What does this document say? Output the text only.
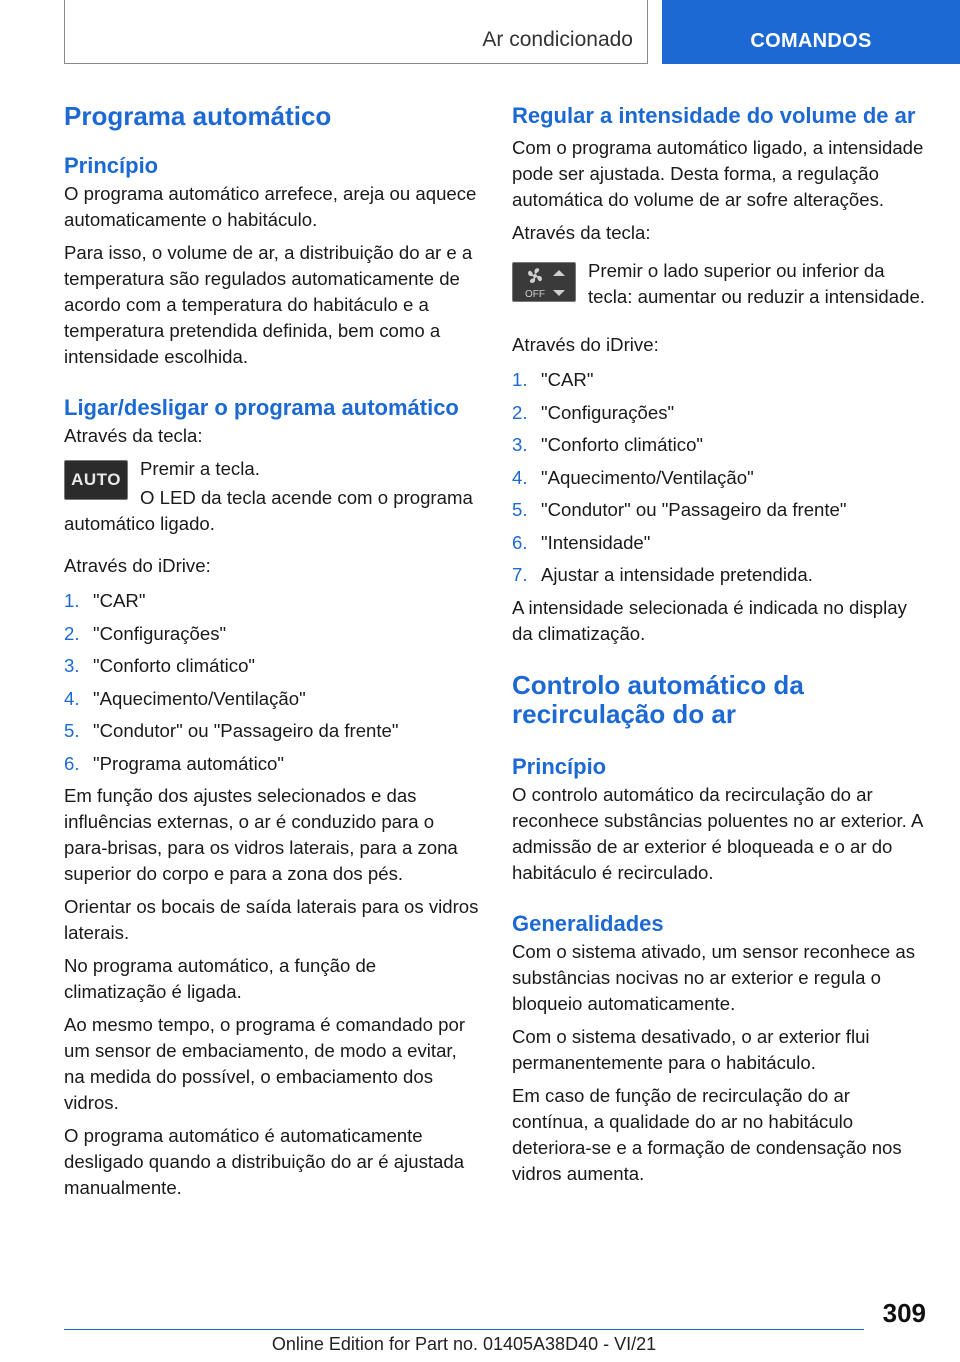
Ar condicionado	COMANDOS
Programa automático
Princípio

O programa automático arrefece, areja ou aquece automaticamente o habitáculo.

Para isso, o volume de ar, a distribuição do ar e a temperatura são regulados automaticamente de acordo com a temperatura do habitáculo e a temperatura pretendida definida, bem como a intensidade escolhida.

Ligar/desligar o programa automático

Através da tecla:

AUTO

Premir a tecla.

O LED da tecla acende com o programa automático ligado.

Através do iDrive:

1. "CAR"
2. "Configurações"
3. "Conforto climático"
4. "Aquecimento/Ventilação"
5. "Condutor" ou "Passageiro da frente"
6. "Programa automático"

Em função dos ajustes selecionados e das influências externas, o ar é conduzido para o para-brisas, para os vidros laterais, para a zona superior do corpo e para a zona dos pés.

Orientar os bocais de saída laterais para os vidros laterais.

No programa automático, a função de climatização é ligada.

Ao mesmo tempo, o programa é comandado por um sensor de embaciamento, de modo a evitar, na medida do possível, o embaciamento dos vidros.

O programa automático é automaticamente desligado quando a distribuição do ar é ajustada manualmente.

Regular a intensidade do volume de ar

Com o programa automático ligado, a intensidade pode ser ajustada. Desta forma, a regulação automática do volume de ar sofre alterações.

Através da tecla:

OFF

Premir o lado superior ou inferior da tecla: aumentar ou reduzir a intensidade.

Através do iDrive:

1. "CAR"
2. "Configurações"
3. "Conforto climático"
4. "Aquecimento/Ventilação"
5. "Condutor" ou "Passageiro da frente"
6. "Intensidade"
7. Ajustar a intensidade pretendida.

A intensidade selecionada é indicada no display da climatização.

Controlo automático da recirculação do ar
Princípio

O controlo automático da recirculação do ar reconhece substâncias poluentes no ar exterior. A admissão de ar exterior é bloqueada e o ar do habitáculo é recirculado.

Generalidades

Com o sistema ativado, um sensor reconhece as substâncias nocivas no ar exterior e regula o bloqueio automaticamente.

Com o sistema desativado, o ar exterior flui permanentemente para o habitáculo.

Em caso de função de recirculação do ar contínua, a qualidade do ar no habitáculo deteriora-se e a formação de condensação nos vidros aumenta.

309
Online Edition for Part no. 01405A38D40 - VI/21
